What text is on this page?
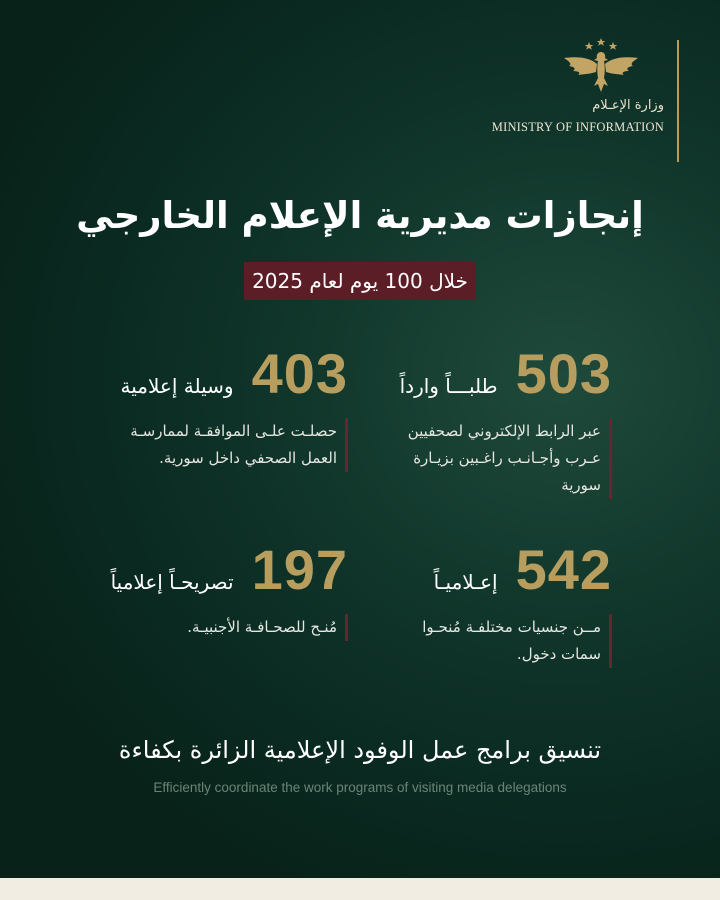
وزارة الإعـلام
MINISTRY OF INFORMATION
إنجازات مديرية الإعلام الخارجي
خلال 100 يوم لعام 2025
503
طلبـــاً وارداً
عبر الرابط الإلكتروني لصحفيين عـرب وأجـانـب راغـبين بزيـارة سورية
403
وسيلة إعلامية
حصلـت علـى الموافقـة لممارسـة العمل الصحفي داخل سورية.
542
إعـلاميـاً
مــن جنسيات مختلفـة مُنحـوا سمات دخول.
197
تصريحـاً إعلامياً
مُنـح للصحـافـة الأجنبيـة.
تنسيق برامج عمل الوفود الإعلامية الزائرة بكفاءة
Efficiently coordinate the work programs of visiting media delegations
